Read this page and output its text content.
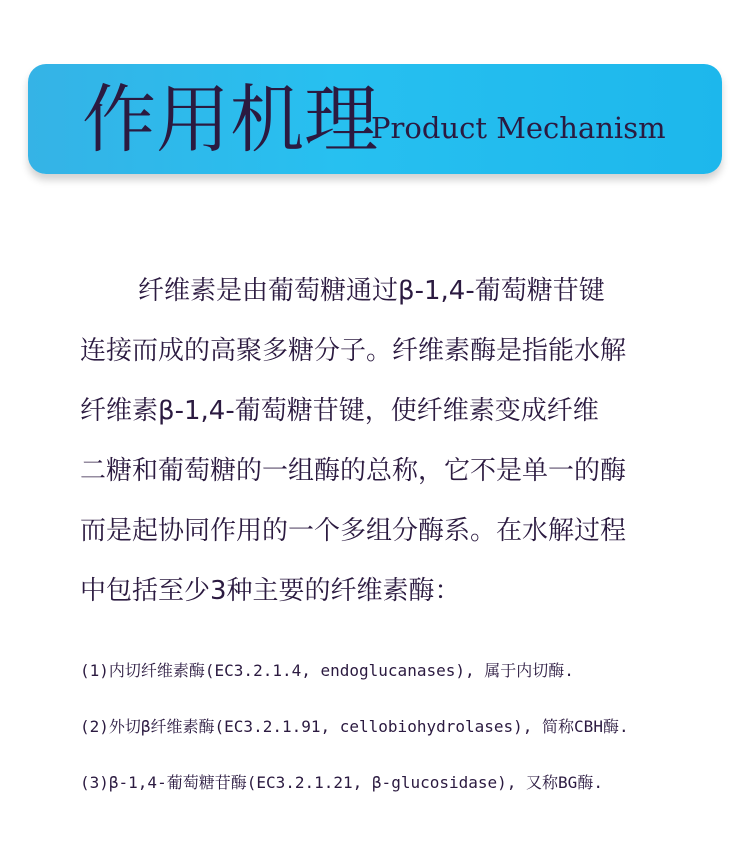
作用机理
Product Mechanism
纤维素是由葡萄糖通过β-1,4-葡萄糖苷键
连接而成的高聚多糖分子。纤维素酶是指能水解
纤维素β-1,4-葡萄糖苷键，使纤维素变成纤维
二糖和葡萄糖的一组酶的总称，它不是单一的酶
而是起协同作用的一个多组分酶系。在水解过程
中包括至少3种主要的纤维素酶：
(1)内切纤维素酶(EC3.2.1.4, endoglucanases), 属于内切酶.
(2)外切β纤维素酶(EC3.2.1.91, cellobiohydrolases), 简称CBH酶.
(3)β-1,4-葡萄糖苷酶(EC3.2.1.21, β-glucosidase), 又称BG酶.
